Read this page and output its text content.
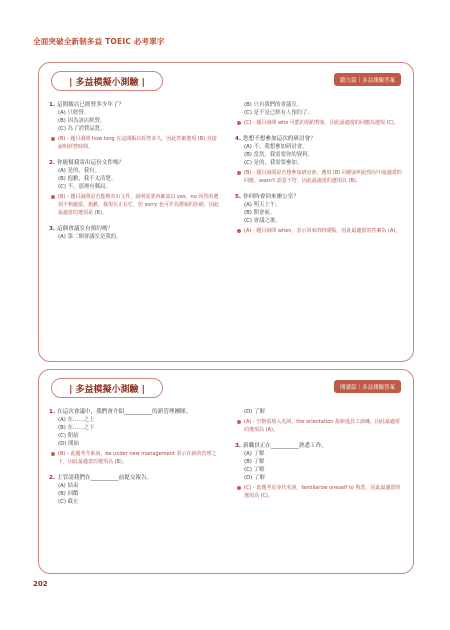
全面突破全新制多益 TOEIC 必考單字
| 多益模擬小測驗 |	聽力篇｜多益測驗答案
1. 這間飯店已經營多少年了？
(A) 只經營。
(B) 因為該店經營。
(C) 為了消費品質。
(B) - 題目詢問 how long 在這間飯店經營多久，因此答案選項 (B) 直接說明經營時間。
2. 你能幫我寄出這份文件嗎？
(A) 是的，我有。
(B) 抱歉，我不太清楚。
(C) 不，那裡有郵局。
(B) - 題目詢問是否能夠寄出文件，說明需要再確認以 yes、no 回答的選項不夠適當。抱歉，我現在正在忙，但 sorry 也可作為禮貌的拒絕，因此最適當的選項是 (B)。
3. 這個會議室有預約嗎？
(A) 第二個會議室是我的。
(B) 只有我們的會議室。
(C) 是不是已經有人預約了。
(C) - 題目詢問 who 可能的預約對象，因此最適當的回應為選項 (C)。
4. 您想不想參加這次的研討會？
(A) 不，我想參加研討會。
(B) 當然，我需要你的資料。
(C) 是的，我需要參加。
(B) - 題目詢問是否想參加研討會，選項 (B) 回應說明此情況中最適當的回應，wasn't 語意不符，因此最適當的選項為 (B)。
5. 你何時會回來辦公室？
(A) 明天上午。
(B) 開會前。
(C) 會議之後。
(A) - 題目詢問 when，表示回來的時間點，因此最適當的答案為 (A)。
| 多益模擬小測驗 |	閱讀篇｜多益測驗答案
1. 在這次會議中，我們會介紹__________的新管理團隊。
(A) 在……之上
(B) 在……之下
(C) 開始
(D) 開始
(B) - 此題考介系詞，be under new management 表示在新的管理之下，因此最適當的選項為 (B)。
2. 主管請我們在__________前提交報告。
(A) 結束
(B) 回饋
(C) 截止
(D) 了解
(A) - 空格需填入名詞，the orientation 指新進員工訓練，因此最適當的選項為 (A)。
3. 新職員正在__________熟悉工作。
(A) 了解
(B) 了解
(C) 了解
(D) 了解
(C) - 此題考反身代名詞，familiarize oneself to 熟悉，因此最適當的選項為 (C)。
202
